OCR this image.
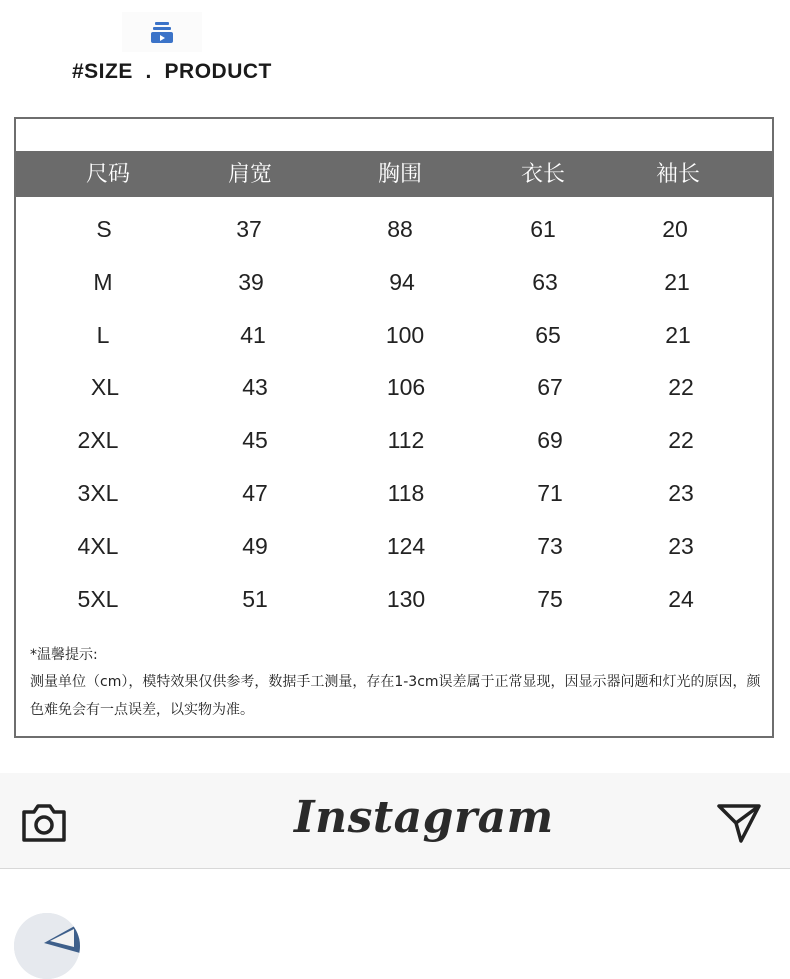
#SIZE  .  PRODUCT
尺码	肩宽	胸围	衣长	袖长
S	37	88	61	20
M	39	94	63	21
L	41	100	65	21
XL	43	106	67	22
2XL	45	112	69	22
3XL	47	118	71	23
4XL	49	124	73	23
5XL	51	130	75	24
*温馨提示:
测量单位（cm），模特效果仅供参考，数据手工测量，存在1-3cm误差属于正常显现，因显示器问题和灯光的原因，颜色难免会有一点误差，以实物为准。
Instagram
